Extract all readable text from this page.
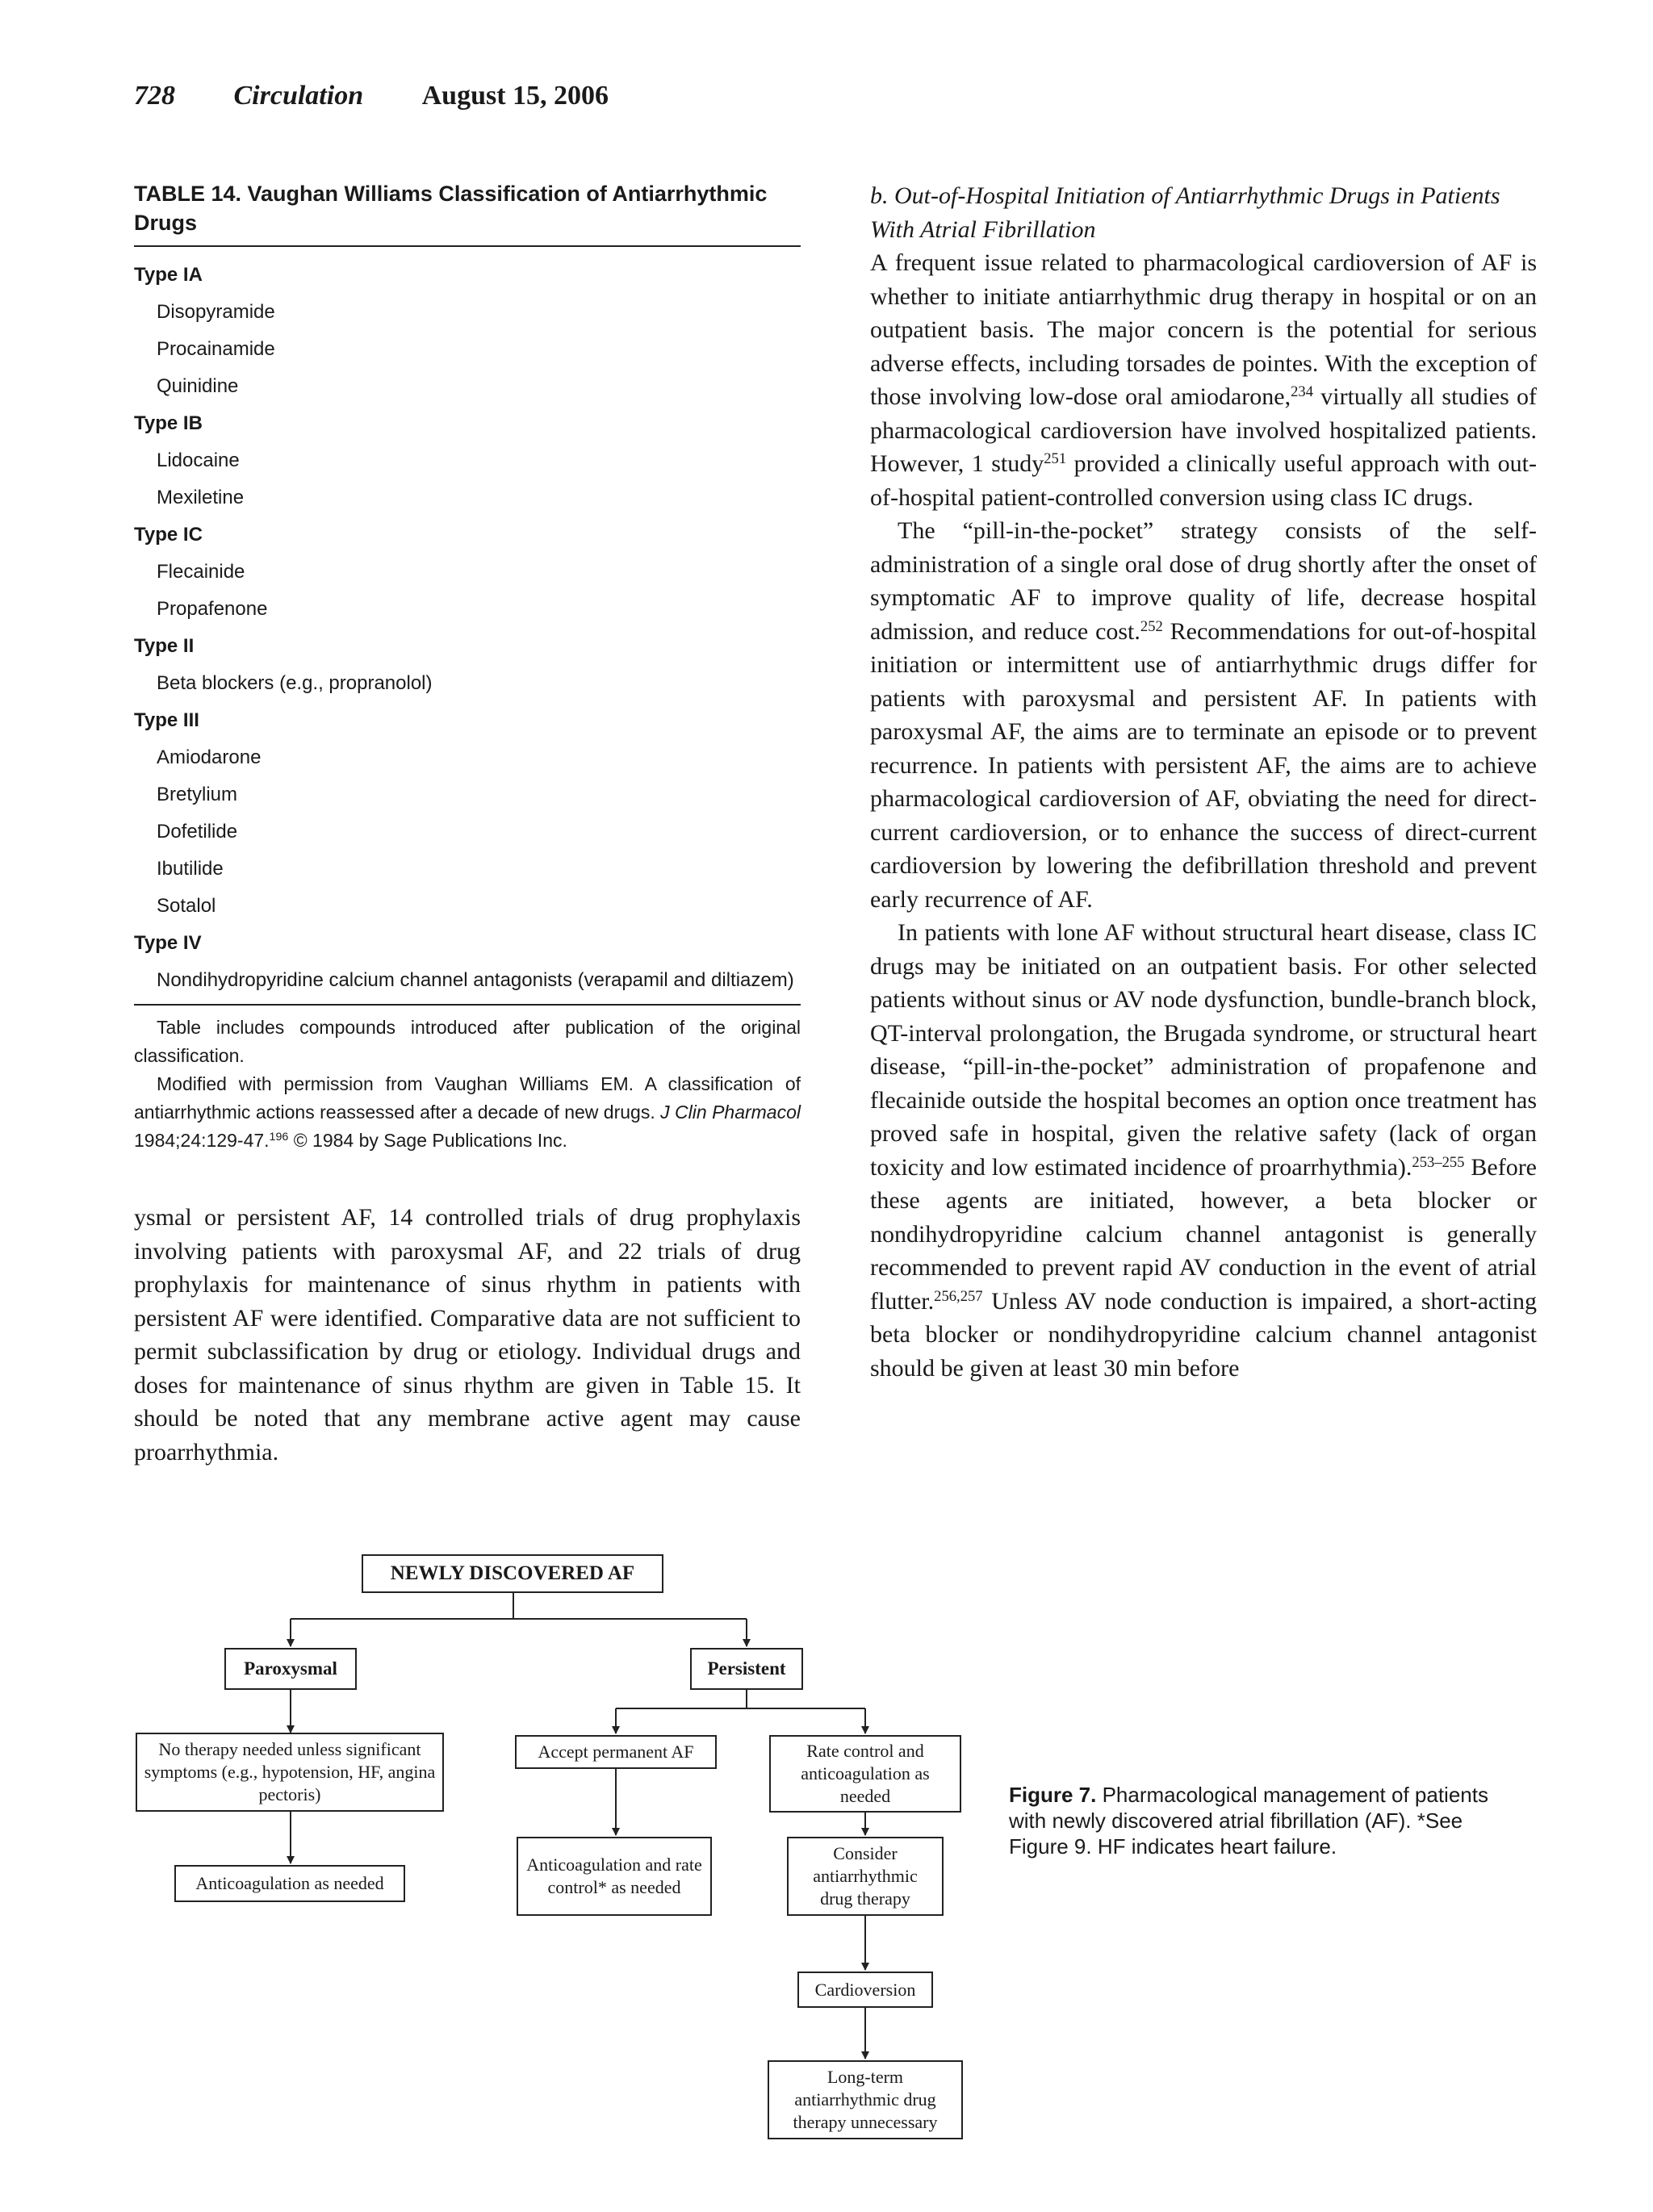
728 Circulation August 15, 2006
TABLE 14. Vaughan Williams Classification of Antiarrhythmic Drugs
Type IA
Disopyramide
Procainamide
Quinidine
Type IB
Lidocaine
Mexiletine
Type IC
Flecainide
Propafenone
Type II
Beta blockers (e.g., propranolol)
Type III
Amiodarone
Bretylium
Dofetilide
Ibutilide
Sotalol
Type IV
Nondihydropyridine calcium channel antagonists (verapamil and diltiazem)
Table includes compounds introduced after publication of the original classification.
Modified with permission from Vaughan Williams EM. A classification of antiarrhythmic actions reassessed after a decade of new drugs. J Clin Pharmacol 1984;24:129-47.$^{196}$ © 1984 by Sage Publications Inc.

ysmal or persistent AF, 14 controlled trials of drug prophylaxis involving patients with paroxysmal AF, and 22 trials of drug prophylaxis for maintenance of sinus rhythm in patients with persistent AF were identified. Comparative data are not sufficient to permit subclassification by drug or etiology. Individual drugs and doses for maintenance of sinus rhythm are given in Table 15. It should be noted that any membrane active agent may cause proarrhythmia.

b. Out-of-Hospital Initiation of Antiarrhythmic Drugs in Patients With Atrial Fibrillation

A frequent issue related to pharmacological cardioversion of AF is whether to initiate antiarrhythmic drug therapy in hospital or on an outpatient basis. The major concern is the potential for serious adverse effects, including torsades de pointes. With the exception of those involving low-dose oral amiodarone,$^{234}$ virtually all studies of pharmacological cardioversion have involved hospitalized patients. However, 1 study$^{251}$ provided a clinically useful approach with out-of-hospital patient-controlled conversion using class IC drugs.

The “pill-in-the-pocket” strategy consists of the self-administration of a single oral dose of drug shortly after the onset of symptomatic AF to improve quality of life, decrease hospital admission, and reduce cost.$^{252}$ Recommendations for out-of-hospital initiation or intermittent use of antiarrhythmic drugs differ for patients with paroxysmal and persistent AF. In patients with paroxysmal AF, the aims are to terminate an episode or to prevent recurrence. In patients with persistent AF, the aims are to achieve pharmacological cardioversion of AF, obviating the need for direct-current cardioversion, or to enhance the success of direct-current cardioversion by lowering the defibrillation threshold and prevent early recurrence of AF.

In patients with lone AF without structural heart disease, class IC drugs may be initiated on an outpatient basis. For other selected patients without sinus or AV node dysfunction, bundle-branch block, QT-interval prolongation, the Brugada syndrome, or structural heart disease, “pill-in-the-pocket” administration of propafenone and flecainide outside the hospital becomes an option once treatment has proved safe in hospital, given the relative safety (lack of organ toxicity and low estimated incidence of proarrhythmia).$^{253-255}$ Before these agents are initiated, however, a beta blocker or nondihydropyridine calcium channel antagonist is generally recommended to prevent rapid AV conduction in the event of atrial flutter.$^{256,257}$ Unless AV node conduction is impaired, a short-acting beta blocker or nondihydropyridine calcium channel antagonist should be given at least 30 min before

NEWLY DISCOVERED AF
Paroxysmal	Persistent
No therapy needed unless significant symptoms (e.g., hypotension, HF, angina pectoris)
Anticoagulation as needed
Accept permanent AF	Rate control and anticoagulation as needed
Anticoagulation and rate control* as needed
Consider antiarrhythmic drug therapy
Cardioversion
Long-term antiarrhythmic drug therapy unnecessary
Figure 7. Pharmacological management of patients with newly discovered atrial fibrillation (AF). *See Figure 9. HF indicates heart failure.
